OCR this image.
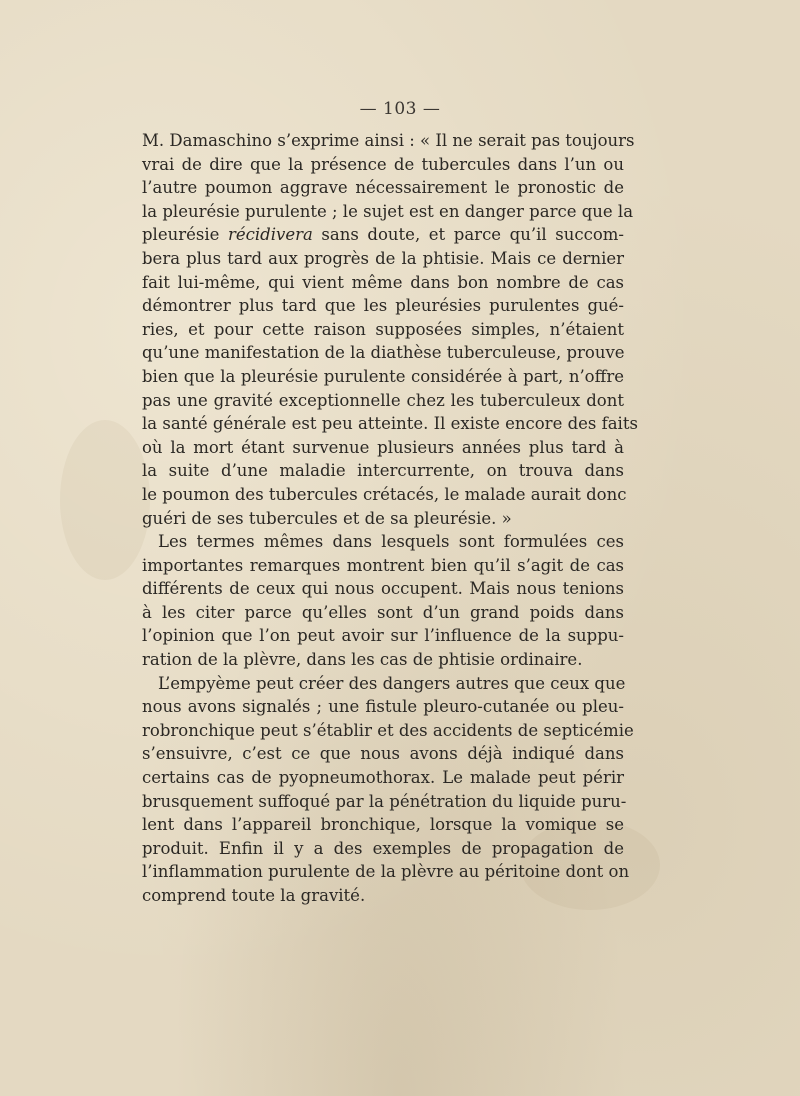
— 103 —
M. Damaschino s’exprime ainsi : « Il ne serait pas toujours
vrai de dire que la présence de tubercules dans l’un ou
l’autre poumon aggrave nécessairement le pronostic de
la pleurésie purulente ; le sujet est en danger parce que la
pleurésie récidivera sans doute, et parce qu’il succom-
bera plus tard aux progrès de la phtisie. Mais ce dernier
fait lui-même, qui vient même dans bon nombre de cas
démontrer plus tard que les pleurésies purulentes gué-
ries, et pour cette raison supposées simples, n’étaient
qu’une manifestation de la diathèse tuberculeuse, prouve
bien que la pleurésie purulente considérée à part, n’offre
pas une gravité exceptionnelle chez les tuberculeux dont
la santé générale est peu atteinte. Il existe encore des faits
où la mort étant survenue plusieurs années plus tard à
la suite d’une maladie intercurrente, on trouva dans
le poumon des tubercules crétacés, le malade aurait donc
guéri de ses tubercules et de sa pleurésie. »
Les termes mêmes dans lesquels sont formulées ces
importantes remarques montrent bien qu’il s’agit de cas
différents de ceux qui nous occupent. Mais nous tenions
à les citer parce qu’elles sont d’un grand poids dans
l’opinion que l’on peut avoir sur l’influence de la suppu-
ration de la plèvre, dans les cas de phtisie ordinaire.
L’empyème peut créer des dangers autres que ceux que
nous avons signalés ; une fistule pleuro-cutanée ou pleu-
robronchique peut s’établir et des accidents de septicémie
s’ensuivre, c’est ce que nous avons déjà indiqué dans
certains cas de pyopneumothorax. Le malade peut périr
brusquement suffoqué par la pénétration du liquide puru-
lent dans l’appareil bronchique, lorsque la vomique se
produit. Enfin il y a des exemples de propagation de
l’inflammation purulente de la plèvre au péritoine dont on
comprend toute la gravité.
